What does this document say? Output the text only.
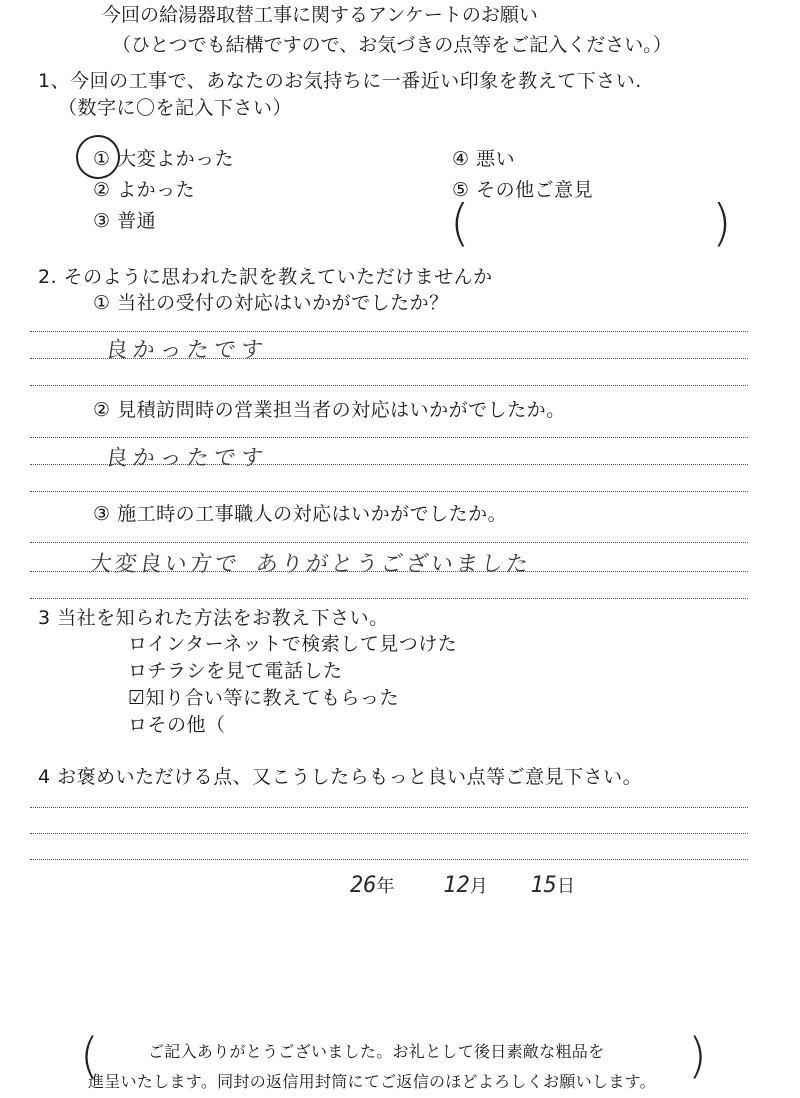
今回の給湯器取替工事に関するアンケートのお願い
（ひとつでも結構ですので、お気づきの点等をご記入ください。）
1、今回の工事で、あなたのお気持ちに一番近い印象を教えて下さい.
（数字に〇を記入下さい）
① 大変よかった
② よかった
③ 普通
④ 悪い
⑤ その他ご意見
(	)
2. そのように思われた訳を教えていただけませんか
① 当社の受付の対応はいかがでしたか？
良かったです
② 見積訪問時の営業担当者の対応はいかがでしたか。
良かったです
③ 施工時の工事職人の対応はいかがでしたか。
大変良い方で ありがとうございました
3 当社を知られた方法をお教え下さい。
ロインターネットで検索して見つけた
ロチラシを見て電話した
☑知り合い等に教えてもらった
ロその他（
4 お褒めいただける点、又こうしたらもっと良い点等ご意見下さい。
26年 12月 15日
(	)
ご記入ありがとうございました。お礼として後日素敵な粗品を
進呈いたします。同封の返信用封筒にてご返信のほどよろしくお願いします。
